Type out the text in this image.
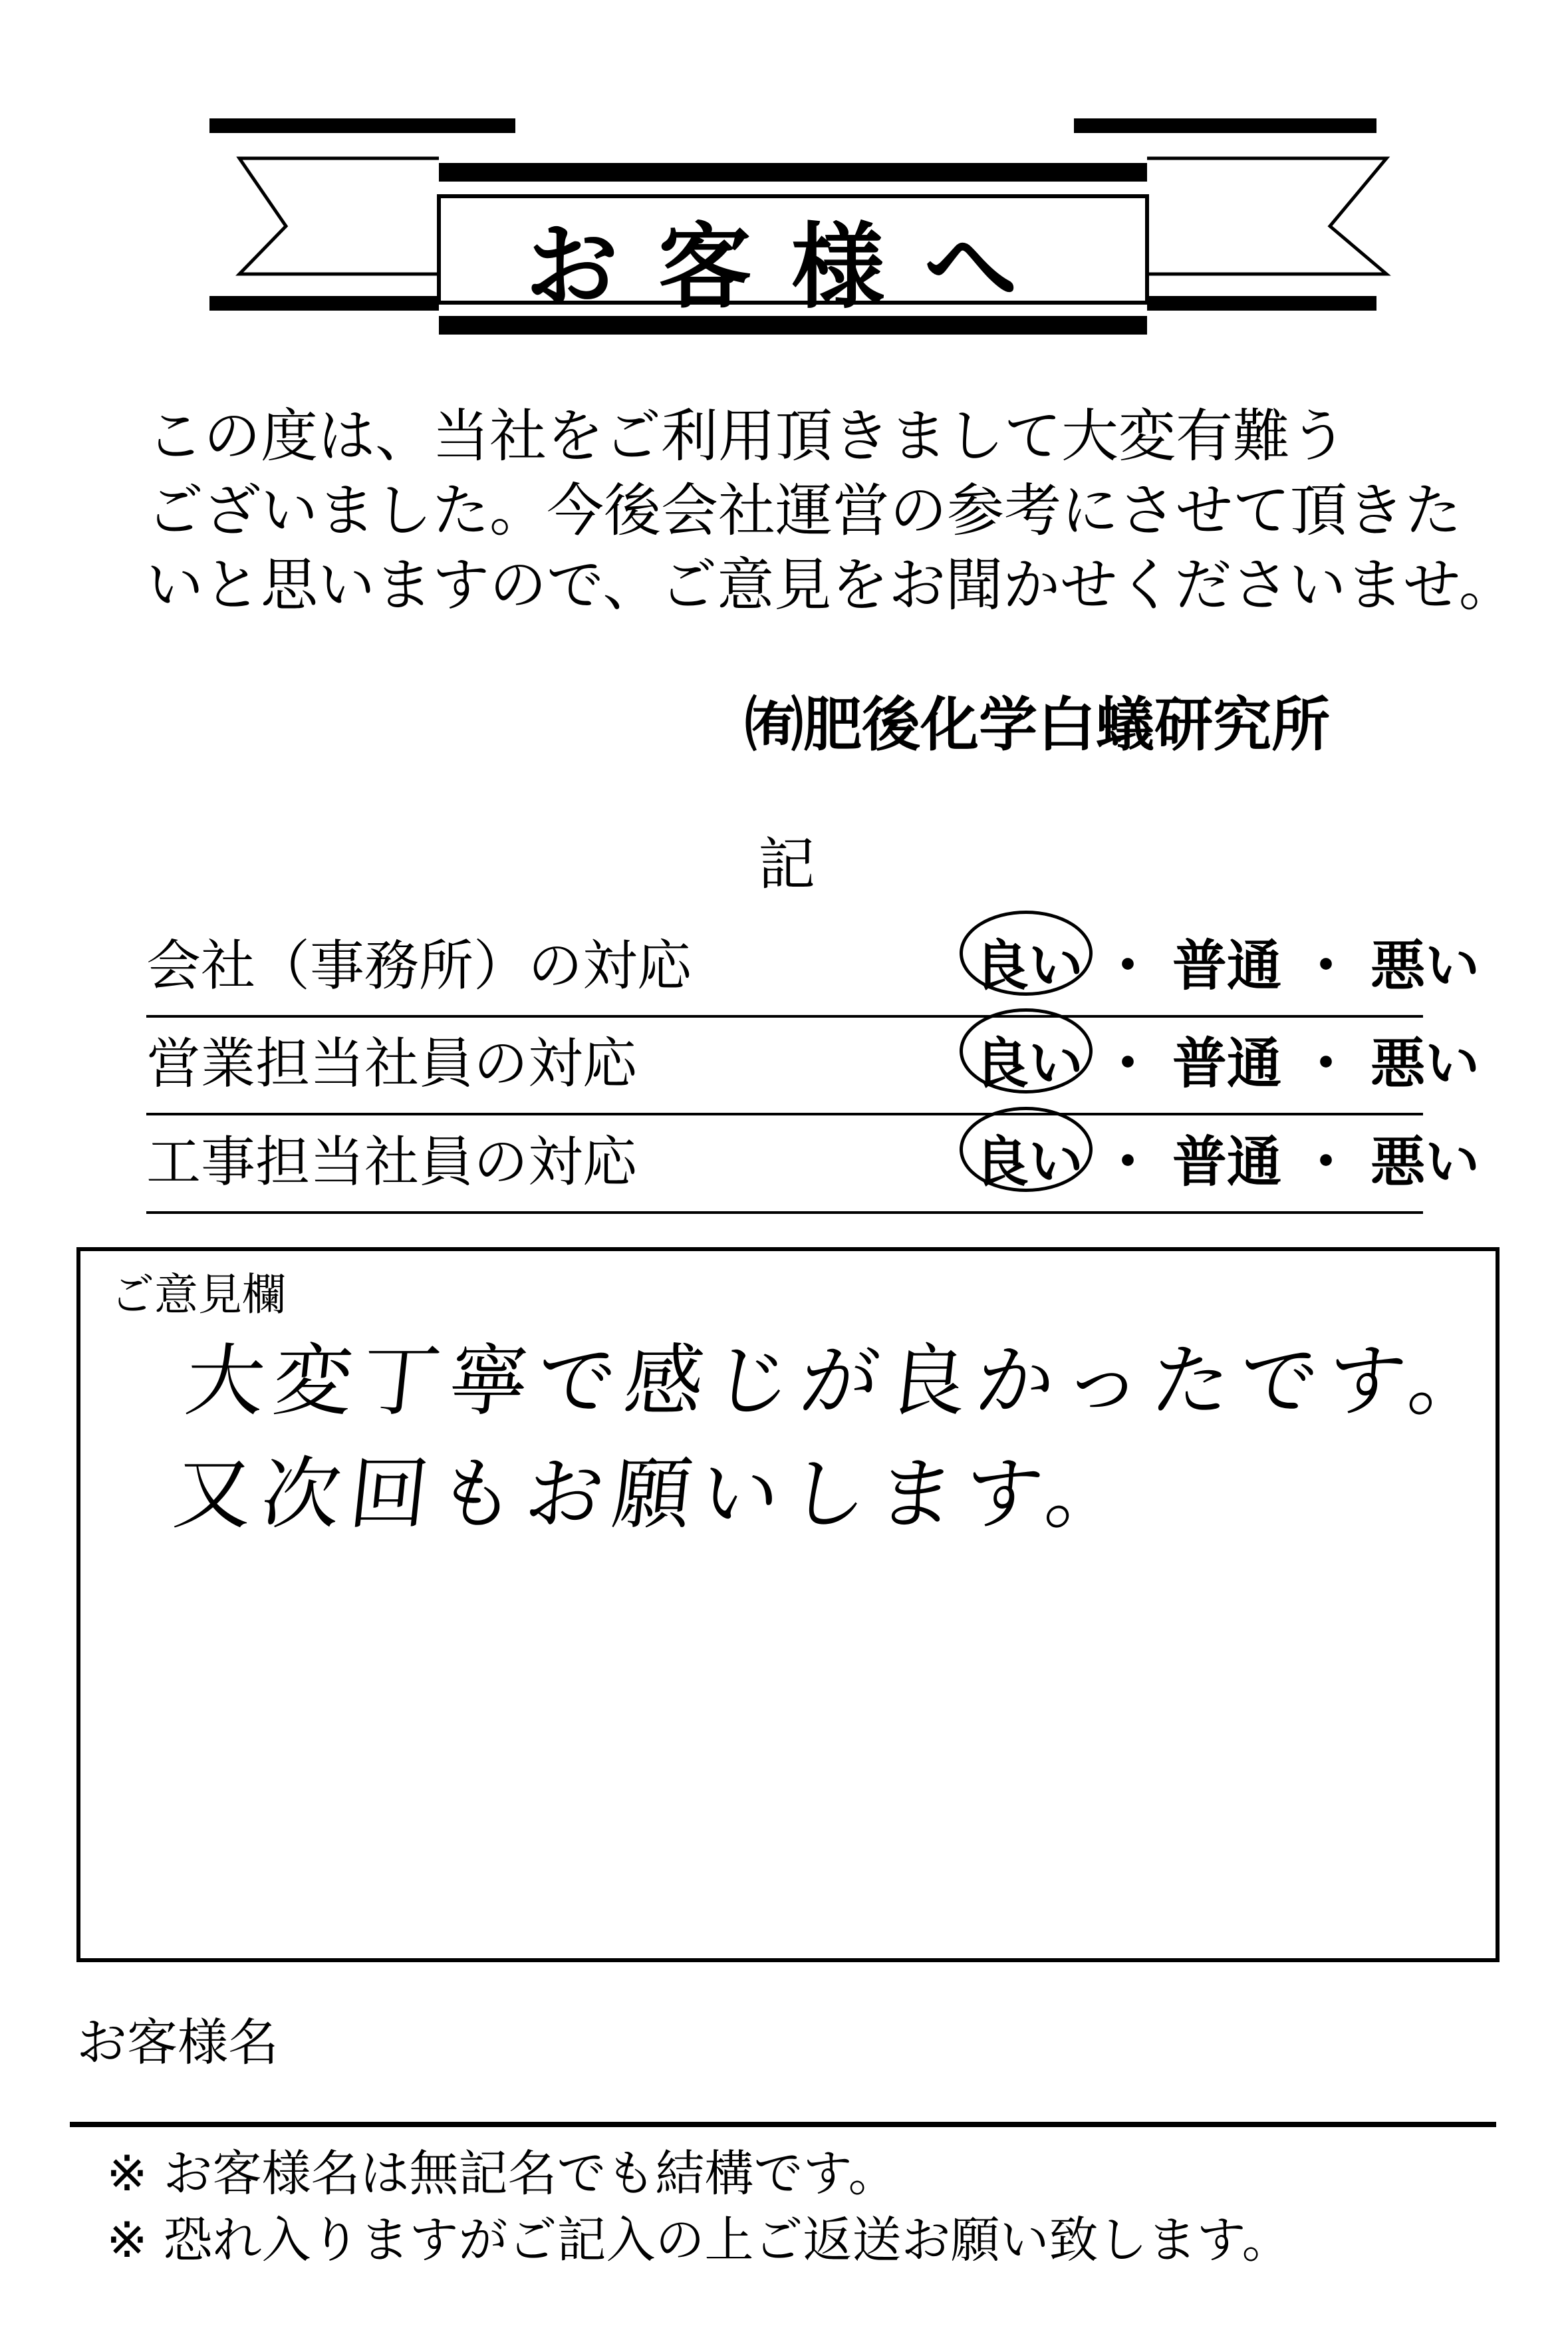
お客様へ

この度は、当社をご利用頂きまして大変有難う

ございました。今後会社運営の参考にさせて頂きた

いと思いますので、ご意見をお聞かせくださいませ。

㈲肥後化学白蟻研究所
記
会社（事務所）の対応	良い ・ 普通 ・ 悪い
営業担当社員の対応	良い ・ 普通 ・ 悪い
工事担当社員の対応	良い ・ 普通 ・ 悪い
ご意見欄
大変丁寧で感じが良かったです。
又次回もお願いします。
お客様名

※ お客様名は無記名でも結構です。

※ 恐れ入りますがご記入の上ご返送お願い致します。
